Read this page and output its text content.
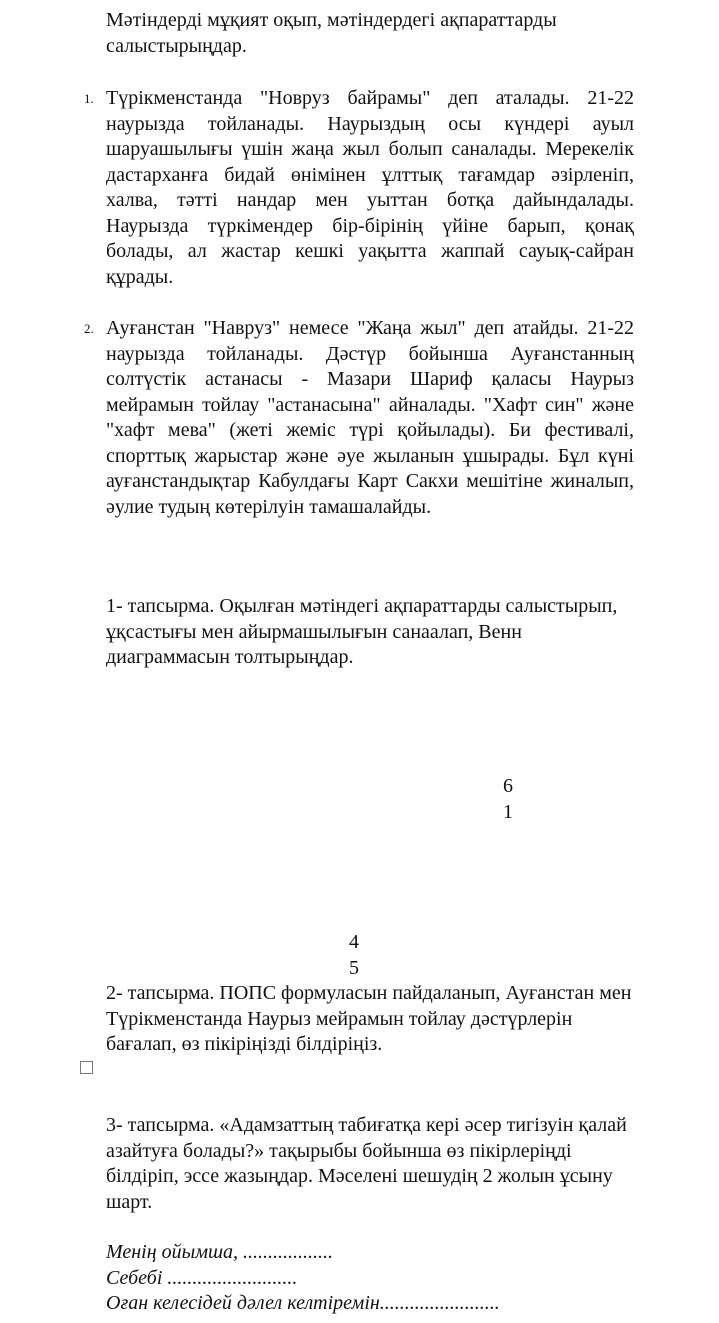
Мәтіндерді мұқият оқып, мәтіндердегі ақпараттарды салыстырыңдар.
1. Түрікменстанда "Новруз байрамы" деп аталады. 21-22 наурызда тойланады. Наурыздың осы күндері ауыл шаруашылығы үшін жаңа жыл болып саналады. Мерекелік дастарханға бидай өнімінен ұлттық тағамдар әзірленіп, халва, тәтті нандар мен уыттан ботқа дайындалады. Наурызда түркімендер бір-бірінің үйіне барып, қонақ болады, ал жастар кешкі уақытта жаппай сауық-сайран құрады.

2. Ауғанстан "Навруз" немесе "Жаңа жыл" деп атайды. 21-22 наурызда тойланады. Дәстүр бойынша Ауғанстанның солтүстік астанасы - Мазари Шариф қаласы Наурыз мейрамын тойлау "астанасына" айналады. "Хафт син" және "хафт мева" (жеті жеміс түрі қойылады). Би фестивалі, спорттық жарыстар және әуе жыланын ұшырады. Бұл күні ауғанстандықтар Кабулдағы Карт Сакхи мешітіне жиналып, әулие тудың көтерілуін тамашалайды.

1- тапсырма. Оқылған мәтіндегі ақпараттарды салыстырып, ұқсастығы мен айырмашылығын санаалап, Венн диаграммасын толтырыңдар.

6
1
4
5

2- тапсырма. ПОПС формуласын пайдаланып, Ауғанстан мен Түрікменстанда Наурыз мейрамын тойлау дәстүрлерін бағалап, өз пікіріңізді білдіріңіз.

3- тапсырма. «Адамзаттың табиғатқа кері әсер тигізуін қалай азайтуға болады?» тақырыбы бойынша өз пікірлеріңді білдіріп, эссе жазыңдар. Мәселені шешудің 2 жолын ұсыну шарт.

Менің ойымша, ..................
Себебі ..........................
Оған келесідей дәлел келтіремін........................
